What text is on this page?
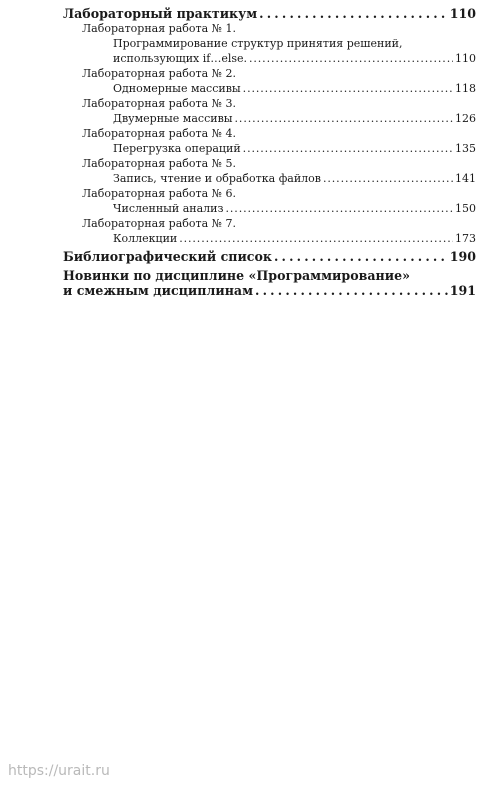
Лабораторный практикум . . .	110
Лабораторная работа № 1.
Программирование структур принятия решений,
использующих if…else. . . .	110
Лабораторная работа № 2.
Одномерные массивы . . .	118
Лабораторная работа № 3.
Двумерные массивы . . .	126
Лабораторная работа № 4.
Перегрузка операций . . .	135
Лабораторная работа № 5.
Запись, чтение и обработка файлов . . .	141
Лабораторная работа № 6.
Численный анализ . . .	150
Лабораторная работа № 7.
Коллекции . . .	173
Библиографический список . . .	190
Новинки по дисциплине «Программирование»
и смежным дисциплинам . . .	191
https://urait.ru
